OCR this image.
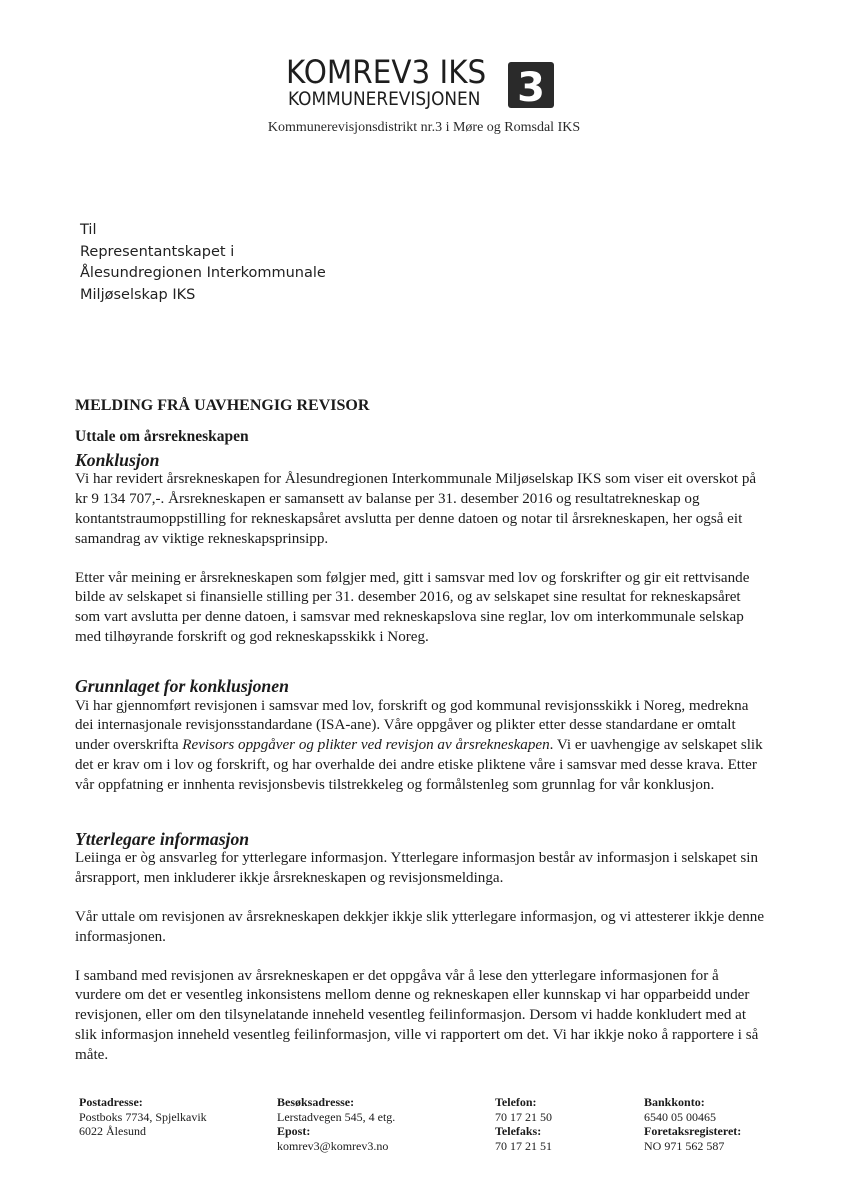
KOMREV3 IKS
KOMMUNEREVISJONEN 3
Kommunerevisjonsdistrikt nr.3 i Møre og Romsdal IKS
Til
Representantskapet i
Ålesundregionen Interkommunale
Miljøselskap IKS
MELDING FRÅ UAVHENGIG REVISOR
Uttale om årsrekneskapen
Konklusjon

Vi har revidert årsrekneskapen for Ålesundregionen Interkommunale Miljøselskap IKS som viser eit overskot på kr 9 134 707,-. Årsrekneskapen er samansett av balanse per 31. desember 2016 og resultatrekneskap og kontantstraumoppstilling for rekneskapsåret avslutta per denne datoen og notar til årsrekneskapen, her også eit samandrag av viktige rekneskapsprinsipp.

Etter vår meining er årsrekneskapen som følgjer med, gitt i samsvar med lov og forskrifter og gir eit rettvisande bilde av selskapet si finansielle stilling per 31. desember 2016, og av selskapet sine resultat for rekneskapsåret som vart avslutta per denne datoen, i samsvar med rekneskapslova sine reglar, lov om interkommunale selskap med tilhøyrande forskrift og god rekneskapsskikk i Noreg.

Grunnlaget for konklusjonen

Vi har gjennomført revisjonen i samsvar med lov, forskrift og god kommunal revisjonsskikk i Noreg, medrekna dei internasjonale revisjonsstandardane (ISA-ane). Våre oppgåver og plikter etter desse standardane er omtalt under overskrifta Revisors oppgåver og plikter ved revisjon av årsrekneskapen. Vi er uavhengige av selskapet slik det er krav om i lov og forskrift, og har overhalde dei andre etiske pliktene våre i samsvar med desse krava. Etter vår oppfatning er innhenta revisjonsbevis tilstrekkeleg og formålstenleg som grunnlag for vår konklusjon.

Ytterlegare informasjon

Leiinga er òg ansvarleg for ytterlegare informasjon. Ytterlegare informasjon består av informasjon i selskapet sin årsrapport, men inkluderer ikkje årsrekneskapen og revisjonsmeldinga.

Vår uttale om revisjonen av årsrekneskapen dekkjer ikkje slik ytterlegare informasjon, og vi attesterer ikkje denne informasjonen.

I samband med revisjonen av årsrekneskapen er det oppgåva vår å lese den ytterlegare informasjonen for å vurdere om det er vesentleg inkonsistens mellom denne og rekneskapen eller kunnskap vi har opparbeidd under revisjonen, eller om den tilsynelatande inneheld vesentleg feilinformasjon. Dersom vi hadde konkludert med at slik informasjon inneheld vesentleg feilinformasjon, ville vi rapportert om det. Vi har ikkje noko å rapportere i så måte.

Postadresse:
Postboks 7734, Spjelkavik
6022 Ålesund
Besøksadresse:
Lerstadvegen 545, 4 etg.
Epost:
komrev3@komrev3.no
Telefon:
70 17 21 50
Telefaks:
70 17 21 51
Bankkonto:
6540 05 00465
Foretaksregisteret:
NO 971 562 587
